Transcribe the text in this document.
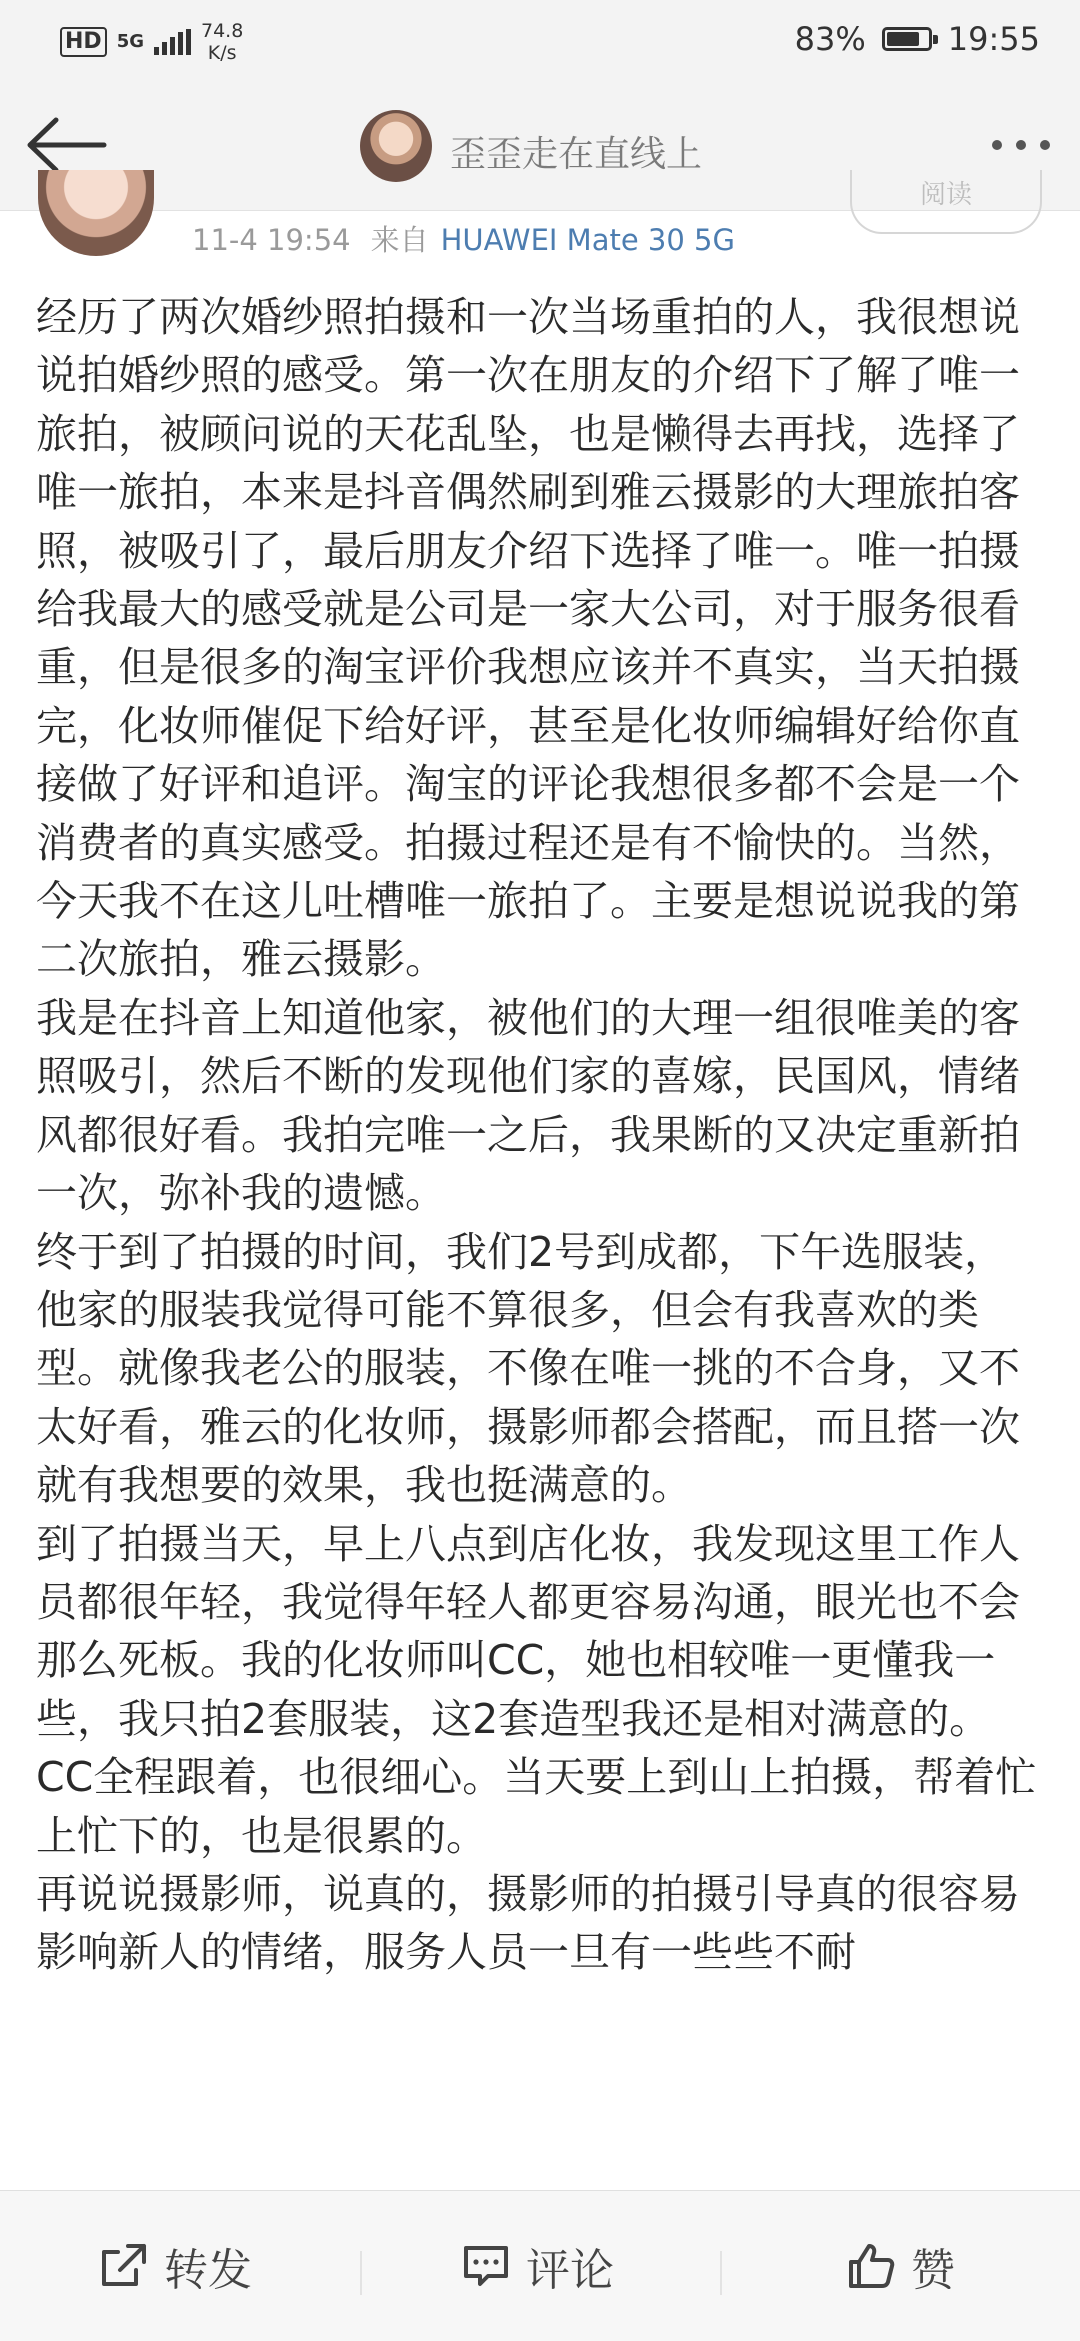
HD 5G	74.8
K/s	83%	19:55
歪歪走在直线上
阅读
11-4 19:54 来自 HUAWEI Mate 30 5G

经历了两次婚纱照拍摄和一次当场重拍的人，我很想说说拍婚纱照的感受。第一次在朋友的介绍下了解了唯一旅拍，被顾问说的天花乱坠，也是懒得去再找，选择了唯一旅拍，本来是抖音偶然刷到雅云摄影的大理旅拍客照，被吸引了，最后朋友介绍下选择了唯一。唯一拍摄给我最大的感受就是公司是一家大公司，对于服务很看重，但是很多的淘宝评价我想应该并不真实，当天拍摄完，化妆师催促下给好评，甚至是化妆师编辑好给你直接做了好评和追评。淘宝的评论我想很多都不会是一个消费者的真实感受。拍摄过程还是有不愉快的。当然，今天我不在这儿吐槽唯一旅拍了。主要是想说说我的第二次旅拍，雅云摄影。

我是在抖音上知道他家，被他们的大理一组很唯美的客照吸引，然后不断的发现他们家的喜嫁，民国风，情绪风都很好看。我拍完唯一之后，我果断的又决定重新拍一次，弥补我的遗憾。

终于到了拍摄的时间，我们2号到成都，下午选服装，他家的服装我觉得可能不算很多，但会有我喜欢的类型。就像我老公的服装，不像在唯一挑的不合身，又不太好看，雅云的化妆师，摄影师都会搭配，而且搭一次就有我想要的效果，我也挺满意的。

到了拍摄当天，早上八点到店化妆，我发现这里工作人员都很年轻，我觉得年轻人都更容易沟通，眼光也不会那么死板。我的化妆师叫CC，她也相较唯一更懂我一些，我只拍2套服装，这2套造型我还是相对满意的。CC全程跟着，也很细心。当天要上到山上拍摄，帮着忙上忙下的，也是很累的。

再说说摄影师，说真的，摄影师的拍摄引导真的很容易影响新人的情绪，服务人员一旦有一些些不耐

转发	评论	赞
